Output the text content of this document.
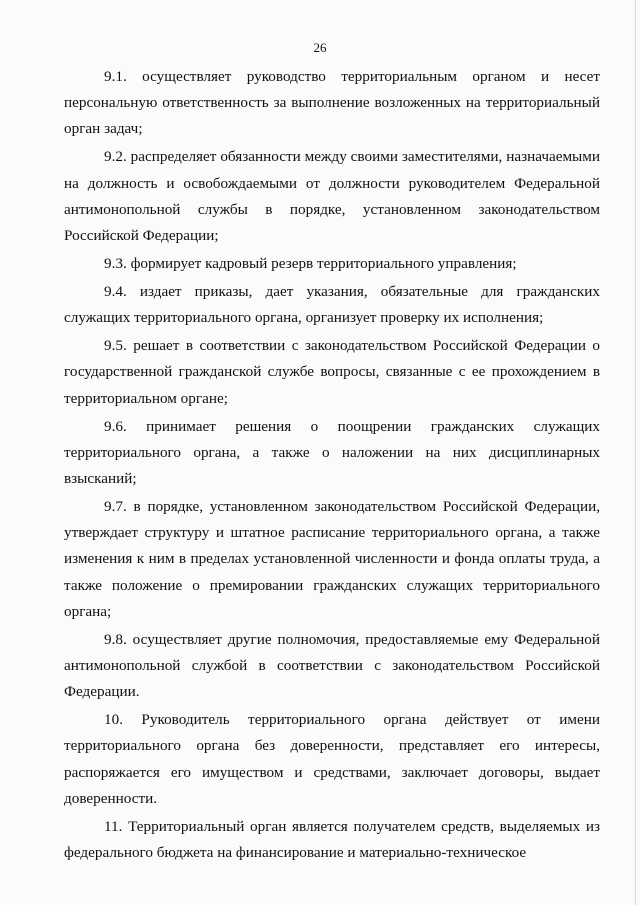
26

9.1. осуществляет руководство территориальным органом и несет персональную ответственность за выполнение возложенных на территориальный орган задач;

9.2. распределяет обязанности между своими заместителями, назначаемыми на должность и освобождаемыми от должности руководителем Федеральной антимонопольной службы в порядке, установленном законодательством Российской Федерации;

9.3. формирует кадровый резерв территориального управления;

9.4. издает приказы, дает указания, обязательные для гражданских служащих территориального органа, организует проверку их исполнения;

9.5. решает в соответствии с законодательством Российской Федерации о государственной гражданской службе вопросы, связанные с ее прохождением в территориальном органе;

9.6. принимает решения о поощрении гражданских служащих территориального органа, а также о наложении на них дисциплинарных взысканий;

9.7. в порядке, установленном законодательством Российской Федерации, утверждает структуру и штатное расписание территориального органа, а также изменения к ним в пределах установленной численности и фонда оплаты труда, а также положение о премировании гражданских служащих территориального органа;

9.8. осуществляет другие полномочия, предоставляемые ему Федеральной антимонопольной службой в соответствии с законодательством Российской Федерации.

10. Руководитель территориального органа действует от имени территориального органа без доверенности, представляет его интересы, распоряжается его имуществом и средствами, заключает договоры, выдает доверенности.

11. Территориальный орган является получателем средств, выделяемых из федерального бюджета на финансирование и материально-техническое
